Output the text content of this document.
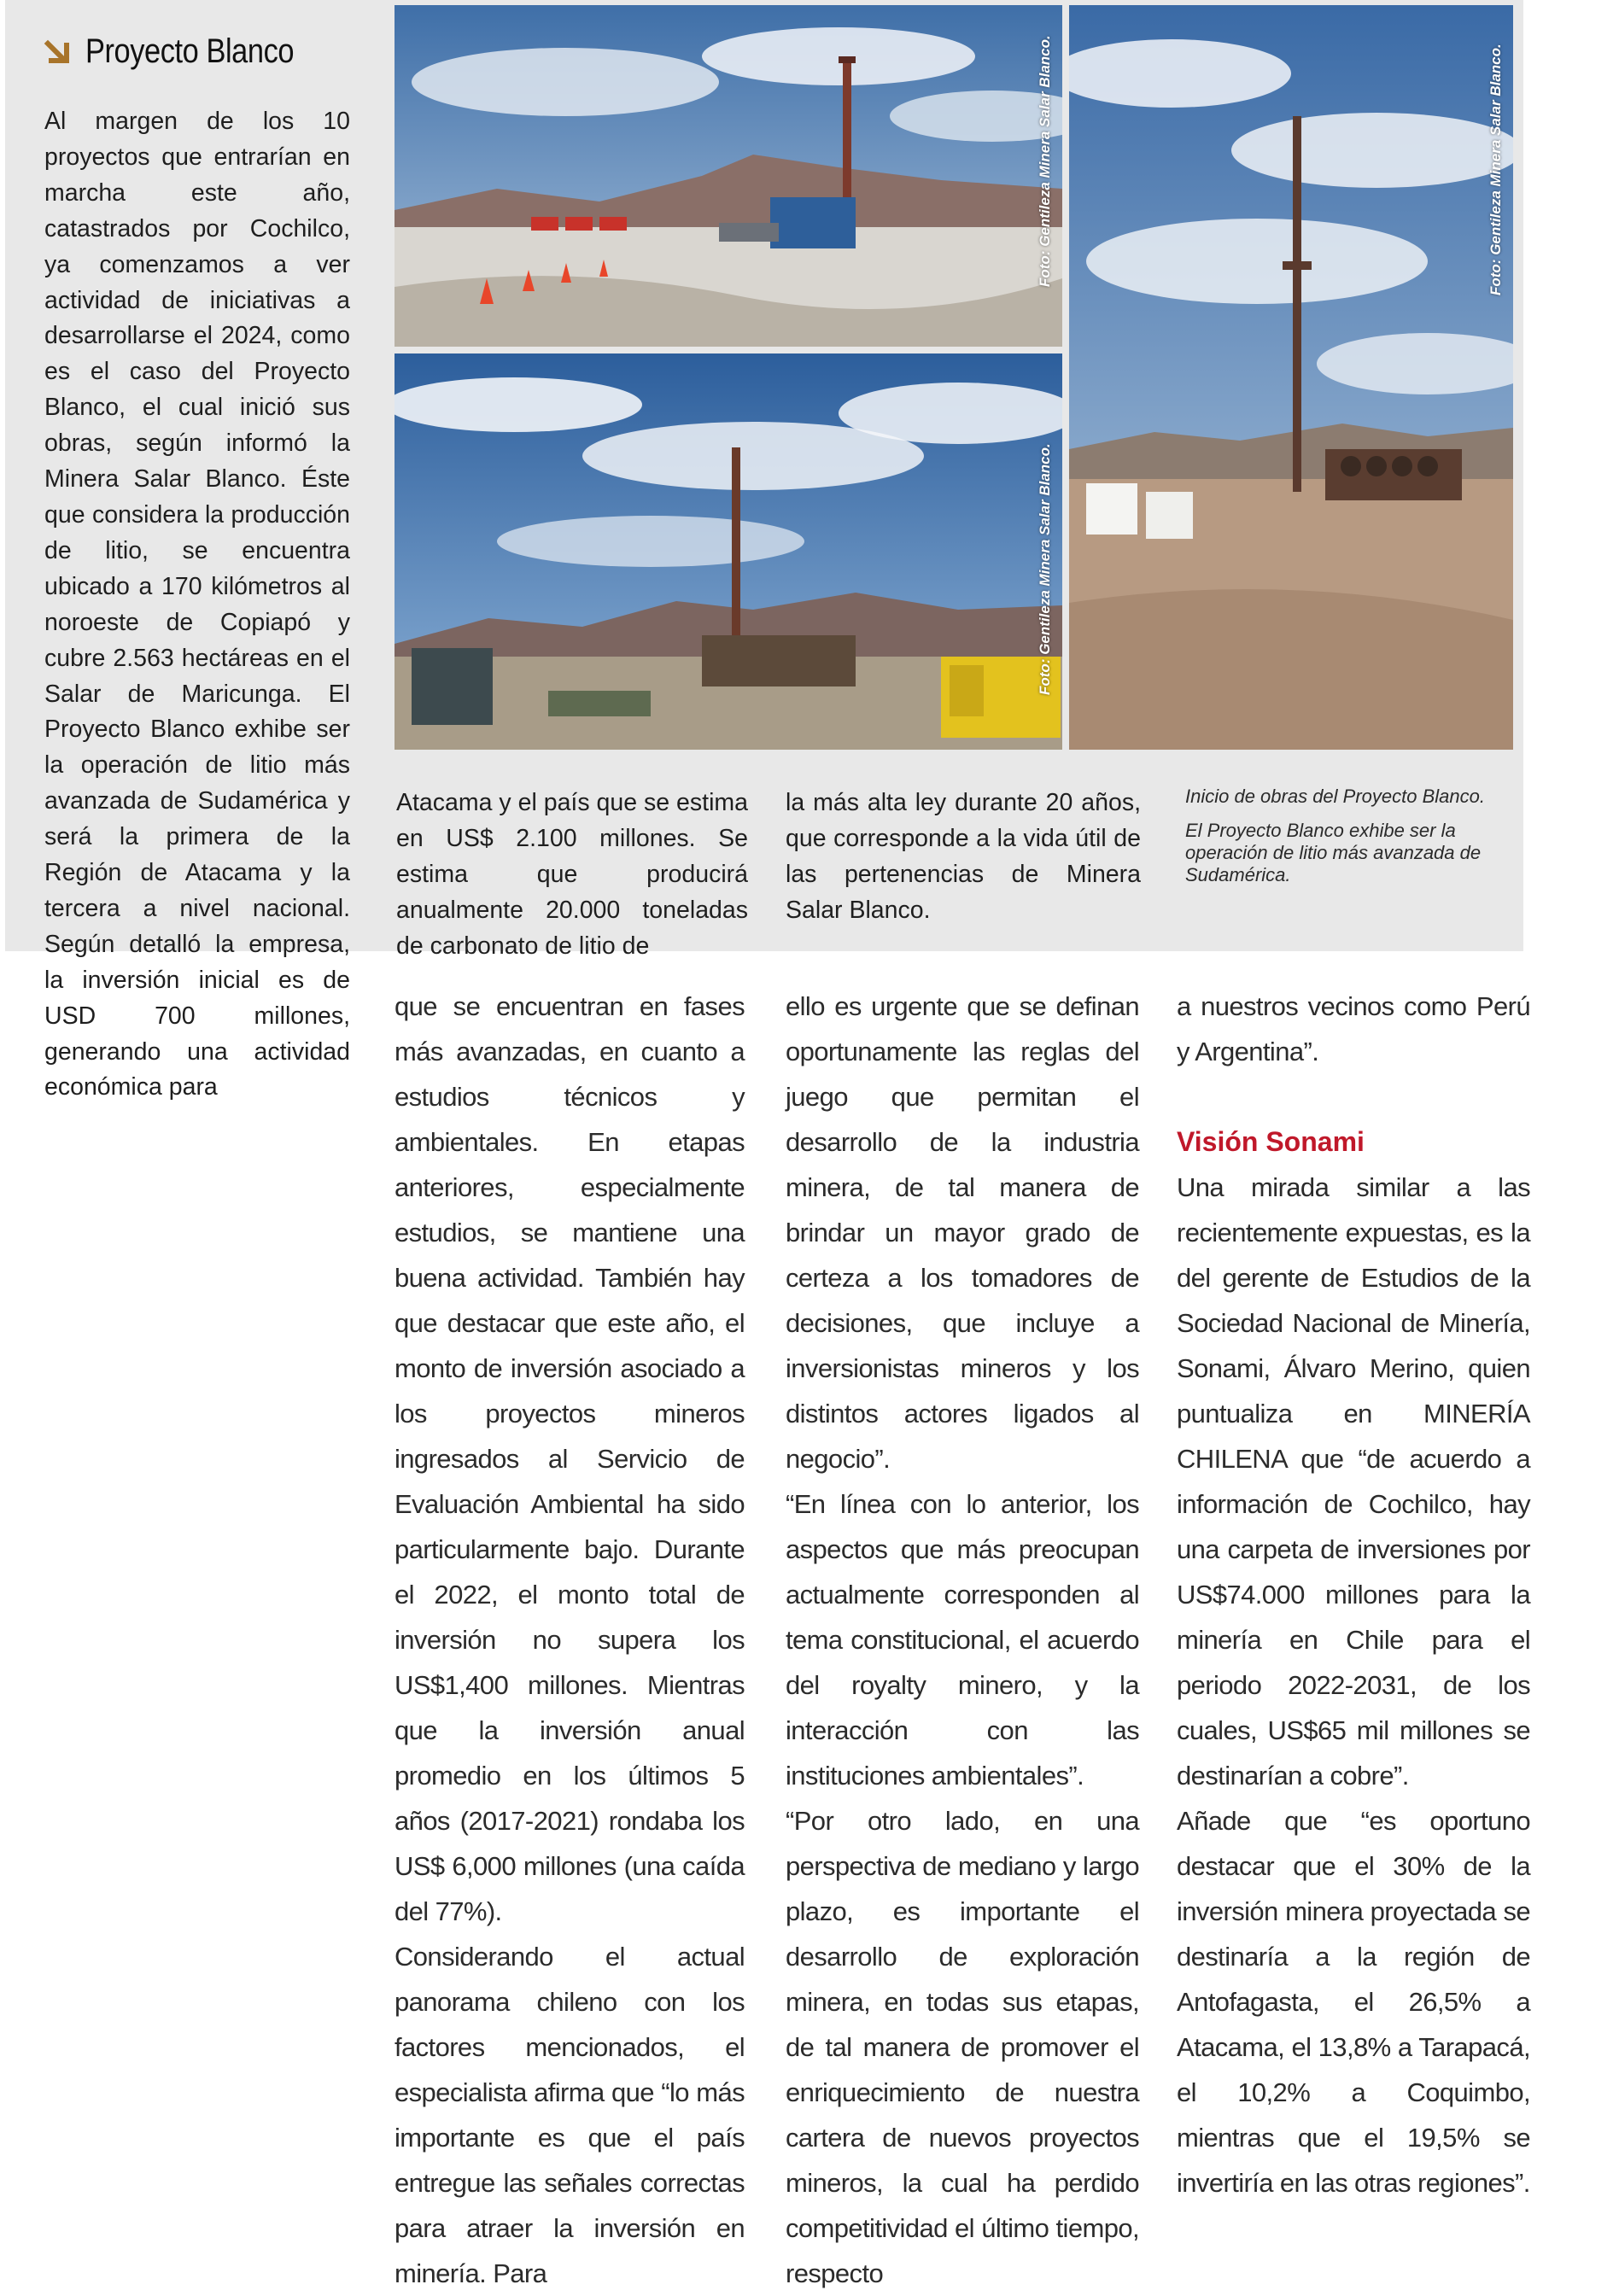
Proyecto Blanco
Al margen de los 10 proyectos que entrarían en marcha este año, catastrados por Cochilco, ya comenzamos a ver actividad de iniciativas a desarrollarse el 2024, como es el caso del Proyecto Blanco, el cual inició sus obras, según informó la Minera Salar Blanco. Éste que considera la producción de litio, se encuentra ubicado a 170 kilómetros al noroeste de Copiapó y cubre 2.563 hectáreas en el Salar de Maricunga. El Proyecto Blanco exhibe ser la operación de litio más avanzada de Sudamérica y será la primera de la Región de Atacama y la tercera a nivel nacional. Según detalló la empresa, la inversión inicial es de USD 700 millones, generando una actividad económica para
Atacama y el país que se estima en US$ 2.100 millones. Se estima que producirá anualmente 20.000 toneladas de carbonato de litio de
la más alta ley durante 20 años, que corresponde a la vida útil de las pertenencias de Minera Salar Blanco.

Inicio de obras del Proyecto Blanco.

El Proyecto Blanco exhibe ser la operación de litio más avanzada de Sudamérica.

Foto: Gentileza Minera Salar Blanco.
Foto: Gentileza Minera Salar Blanco.
Foto: Gentileza Minera Salar Blanco.

que se encuentran en fases más avanzadas, en cuanto a estudios técnicos y ambientales. En etapas anteriores, especialmente estudios, se mantiene una buena actividad. También hay que destacar que este año, el monto de inversión asociado a los proyectos mineros ingresados al Servicio de Evaluación Ambiental ha sido particularmente bajo. Durante el 2022, el monto total de inversión no supera los US$1,400 millones. Mientras que la inversión anual promedio en los últimos 5 años (2017-2021) rondaba los US$ 6,000 millones (una caída del 77%).

Considerando el actual panorama chileno con los factores mencionados, el especialista afirma que “lo más importante es que el país entregue las señales correctas para atraer la inversión en minería. Para

ello es urgente que se definan oportunamente las reglas del juego que permitan el desarrollo de la industria minera, de tal manera de brindar un mayor grado de certeza a los tomadores de decisiones, que incluye a inversionistas mineros y los distintos actores ligados al negocio”.

“En línea con lo anterior, los aspectos que más preocupan actualmente corresponden al tema constitucional, el acuerdo del royalty minero, y la interacción con las instituciones ambientales”.

“Por otro lado, en una perspectiva de mediano y largo plazo, es importante el desarrollo de exploración minera, en todas sus etapas, de tal manera de promover el enriquecimiento de nuestra cartera de nuevos proyectos mineros, la cual ha perdido competitividad el último tiempo, respecto

a nuestros vecinos como Perú y Argentina”.

Visión Sonami

Una mirada similar a las recientemente expuestas, es la del gerente de Estudios de la Sociedad Nacional de Minería, Sonami, Álvaro Merino, quien puntualiza en MINERÍA CHILENA que “de acuerdo a información de Cochilco, hay una carpeta de inversiones por US$74.000 millones para la minería en Chile para el periodo 2022-2031, de los cuales, US$65 mil millones se destinarían a cobre”.

Añade que “es oportuno destacar que el 30% de la inversión minera proyectada se destinaría a la región de Antofagasta, el 26,5% a Atacama, el 13,8% a Tarapacá, el 10,2% a Coquimbo, mientras que el 19,5% se invertiría en las otras regiones”.
